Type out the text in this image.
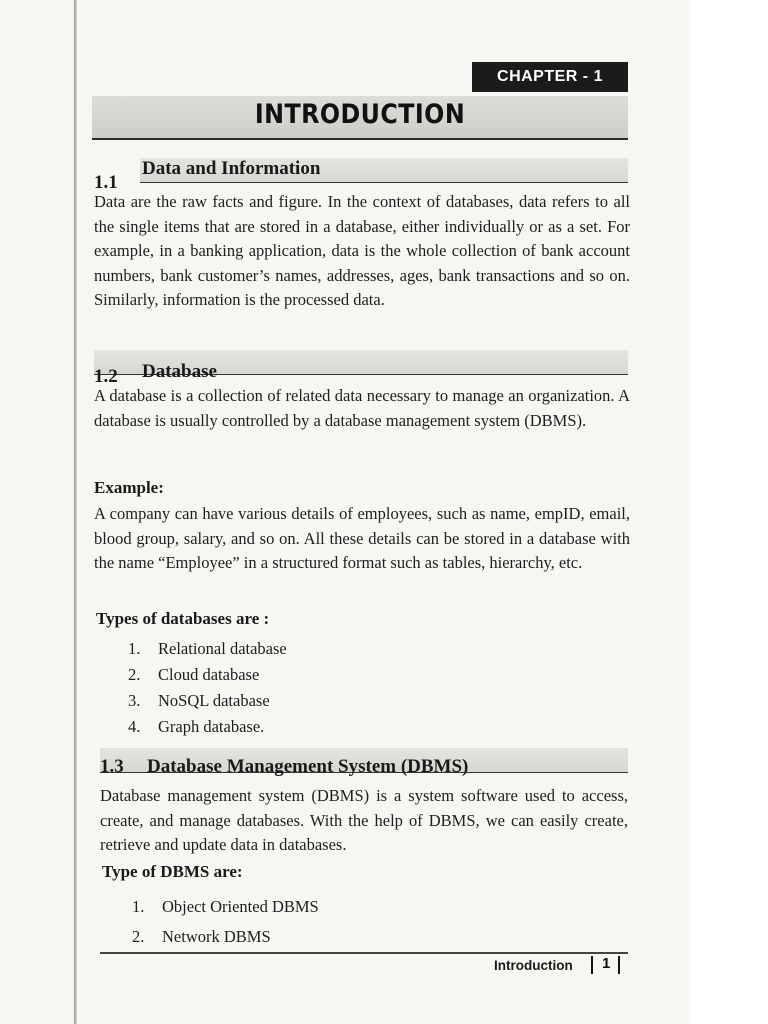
CHAPTER - 1
INTRODUCTION
1.1
Data and Information

Data are the raw facts and figure. In the context of databases, data refers to all the single items that are stored in a database, either individually or as a set. For example, in a banking application, data is the whole collection of bank account numbers, bank customer’s names, addresses, ages, bank transactions and so on. Similarly, information is the processed data.

1.2 Database

A database is a collection of related data necessary to manage an organization. A database is usually controlled by a database management system (DBMS).

Example:

A company can have various details of employees, such as name, empID, email, blood group, salary, and so on. All these details can be stored in a database with the name “Employee” in a structured format such as tables, hierarchy, etc.

Types of databases are :
1.	Relational database
2.	Cloud database
3.	NoSQL database
4.	Graph database.
1.3 Database Management System (DBMS)

Database management system (DBMS) is a system software used to access, create, and manage databases. With the help of DBMS, we can easily create, retrieve and update data in databases.

Type of DBMS are:
1.	Object Oriented DBMS
2.	Network DBMS
Introduction 1
